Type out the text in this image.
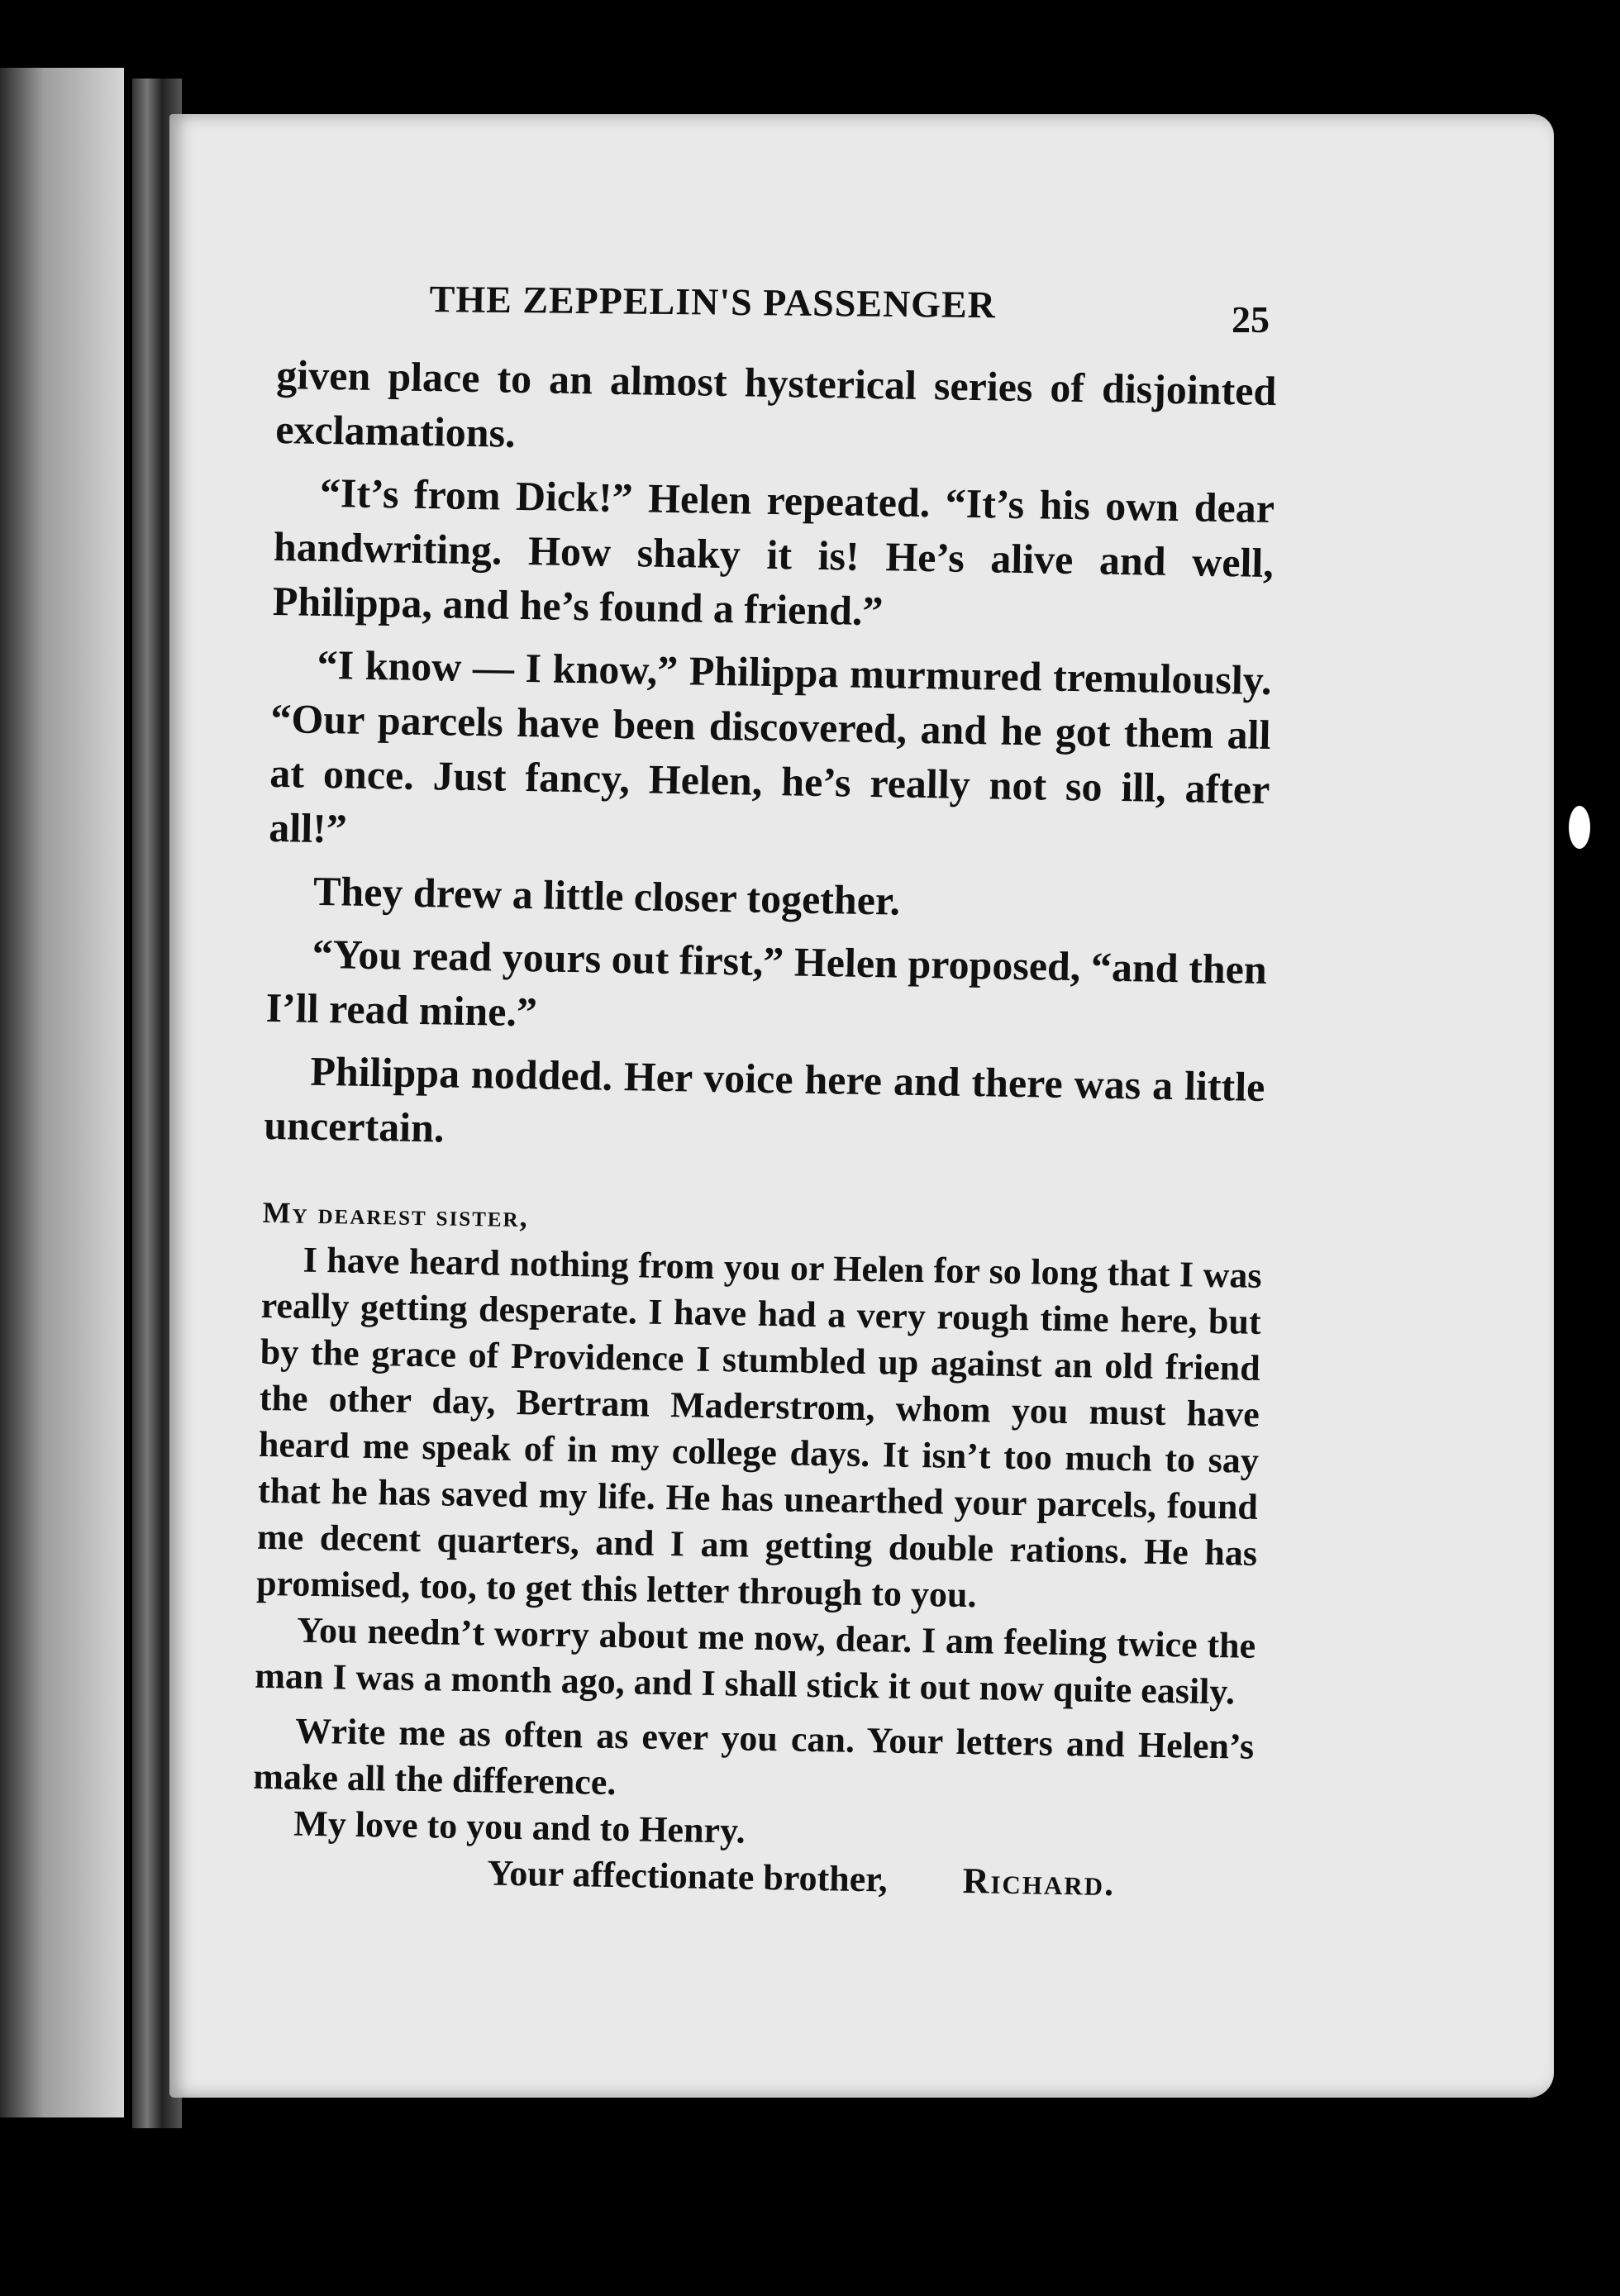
THE ZEPPELIN'S PASSENGER	25

given place to an almost hysterical series of disjointed exclamations.

“It’s from Dick!” Helen repeated. “It’s his own dear handwriting. How shaky it is! He’s alive and well, Philippa, and he’s found a friend.”

“I know — I know,” Philippa murmured tremulously. “Our parcels have been discovered, and he got them all at once. Just fancy, Helen, he’s really not so ill, after all!”

They drew a little closer together.

“You read yours out first,” Helen proposed, “and then I’ll read mine.”

Philippa nodded. Her voice here and there was a little uncertain.

My dearest sister,

I have heard nothing from you or Helen for so long that I was really getting desperate. I have had a very rough time here, but by the grace of Providence I stumbled up against an old friend the other day, Bertram Maderstrom, whom you must have heard me speak of in my college days. It isn’t too much to say that he has saved my life. He has unearthed your parcels, found me decent quarters, and I am getting double rations. He has promised, too, to get this letter through to you.

You needn’t worry about me now, dear. I am feeling twice the man I was a month ago, and I shall stick it out now quite easily.

Write me as often as ever you can. Your letters and Helen’s make all the difference.

My love to you and to Henry.

Your affectionate brother, Richard.
